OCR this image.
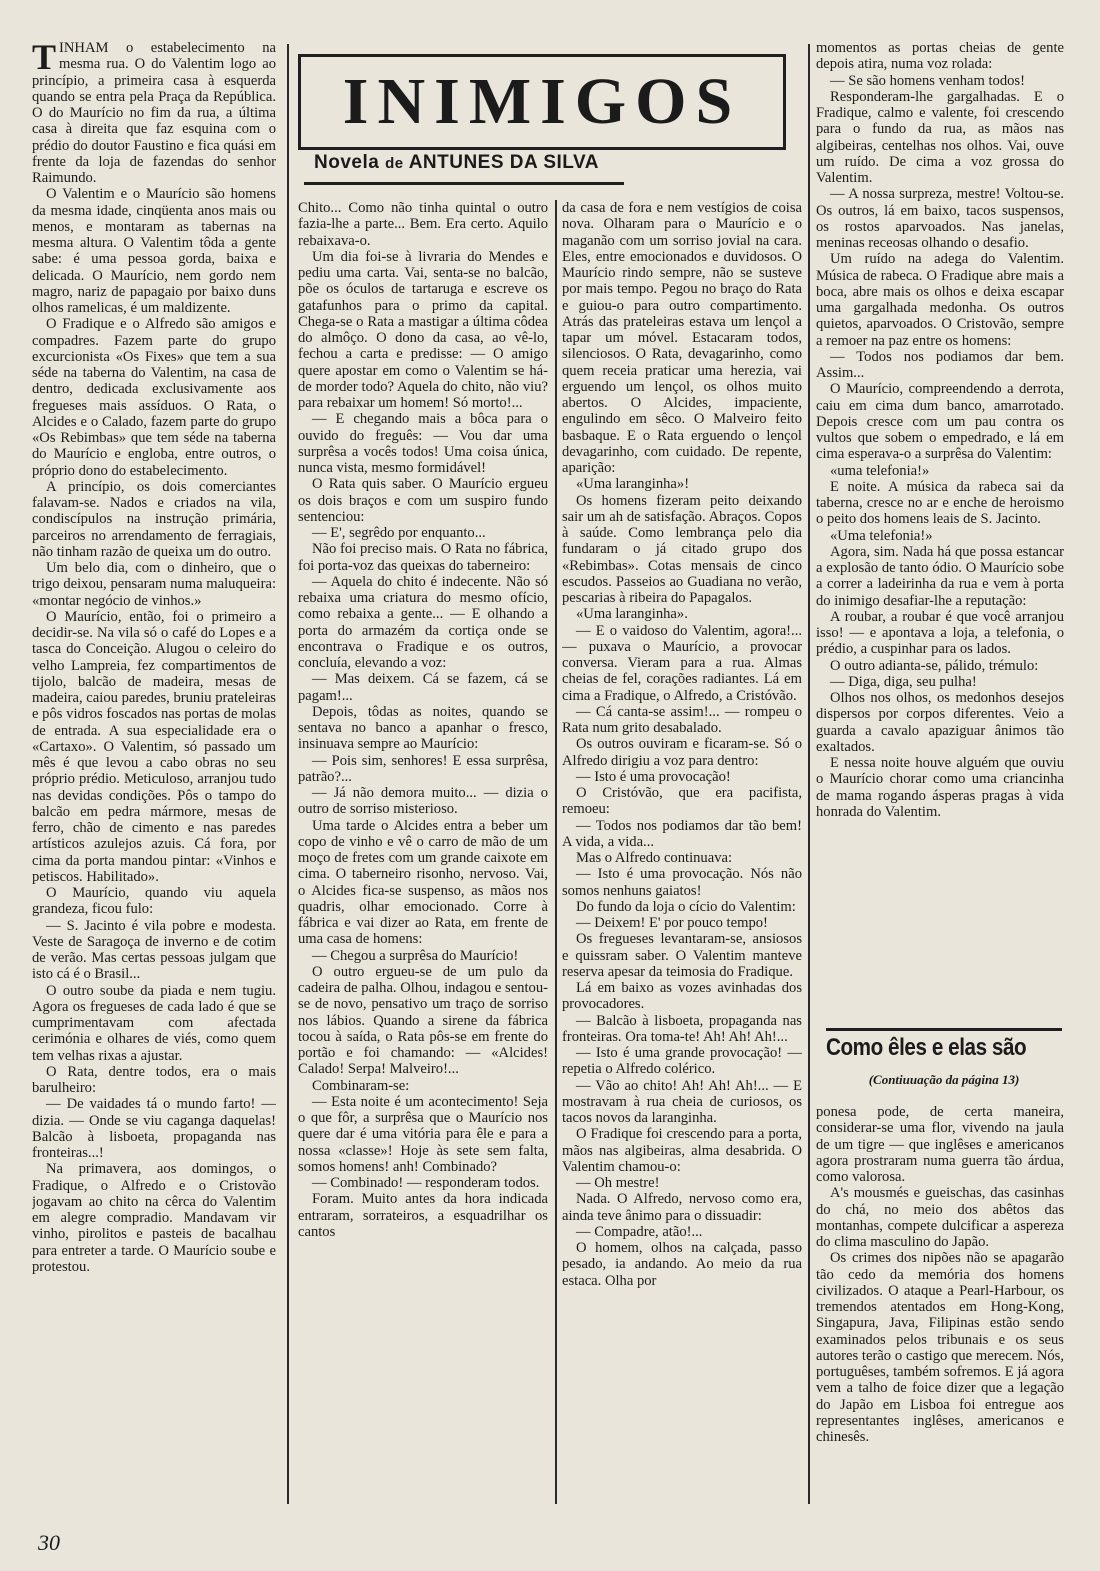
INIMIGOS
Novela de ANTUNES DA SILVA

TINHAM o estabelecimento na mesma rua. O do Valentim logo ao princípio, a primeira casa à esquerda quando se entra pela Praça da República. O do Maurício no fim da rua, a última casa à direita que faz esquina com o prédio do doutor Faustino e fica quási em frente da loja de fazendas do senhor Raimundo.

O Valentim e o Maurício são homens da mesma idade, cinqüenta anos mais ou menos, e montaram as tabernas na mesma altura. O Valentim tôda a gente sabe: é uma pessoa gorda, baixa e delicada. O Maurício, nem gordo nem magro, nariz de papagaio por baixo duns olhos ramelicas, é um maldizente.

O Fradique e o Alfredo são amigos e compadres. Fazem parte do grupo excurcionista «Os Fixes» que tem a sua séde na taberna do Valentim, na casa de dentro, dedicada exclusivamente aos fregueses mais assíduos. O Rata, o Alcides e o Calado, fazem parte do grupo «Os Rebimbas» que tem séde na taberna do Maurício e engloba, entre outros, o próprio dono do estabelecimento.

A princípio, os dois comerciantes falavam-se. Nados e criados na vila, condiscípulos na instrução primária, parceiros no arrendamento de ferragiais, não tinham razão de queixa um do outro.

Um belo dia, com o dinheiro, que o trigo deixou, pensaram numa maluqueira: «montar negócio de vinhos.»

O Maurício, então, foi o primeiro a decidir-se. Na vila só o café do Lopes e a tasca do Conceição. Alugou o celeiro do velho Lampreia, fez compartimentos de tijolo, balcão de madeira, mesas de madeira, caiou paredes, bruniu prateleiras e pôs vidros foscados nas portas de molas de entrada. A sua especialidade era o «Cartaxo». O Valentim, só passado um mês é que levou a cabo obras no seu próprio prédio. Meticuloso, arranjou tudo nas devidas condições. Pôs o tampo do balcão em pedra mármore, mesas de ferro, chão de cimento e nas paredes artísticos azulejos azuis. Cá fora, por cima da porta mandou pintar: «Vinhos e petiscos. Habilitado».

O Maurício, quando viu aquela grandeza, ficou fulo:

— S. Jacinto é vila pobre e modesta. Veste de Saragoça de inverno e de cotim de verão. Mas certas pessoas julgam que isto cá é o Brasil...

O outro soube da piada e nem tugiu. Agora os fregueses de cada lado é que se cumprimentavam com afectada cerimónia e olhares de viés, como quem tem velhas rixas a ajustar.

O Rata, dentre todos, era o mais barulheiro:

— De vaidades tá o mundo farto! — dizia. — Onde se viu caganga daquelas! Balcão à lisboeta, propaganda nas fronteiras...!

Na primavera, aos domingos, o Fradique, o Alfredo e o Cristovão jogavam ao chito na cêrca do Valentim em alegre compradio. Mandavam vir vinho, pirolitos e pasteis de bacalhau para entreter a tarde. O Maurício soube e protestou.

Chito... Como não tinha quintal o outro fazia-lhe a parte... Bem. Era certo. Aquilo rebaixava-o.

Um dia foi-se à livraria do Mendes e pediu uma carta. Vai, senta-se no balcão, põe os óculos de tartaruga e escreve os gatafunhos para o primo da capital. Chega-se o Rata a mastigar a última côdea do almôço. O dono da casa, ao vê-lo, fechou a carta e predisse: — O amigo quere apostar em como o Valentim se há-de morder todo? Aquela do chito, não viu? para rebaixar um homem! Só morto!...

— E chegando mais a bôca para o ouvido do freguês: — Vou dar uma surprêsa a vocês todos! Uma coisa única, nunca vista, mesmo formidável!

O Rata quis saber. O Maurício ergueu os dois braços e com um suspiro fundo sentenciou:

— E', segrêdo por enquanto...

Não foi preciso mais. O Rata no fábrica, foi porta-voz das queixas do taberneiro:

— Aquela do chito é indecente. Não só rebaixa uma criatura do mesmo ofício, como rebaixa a gente... — E olhando a porta do armazém da cortiça onde se encontrava o Fradique e os outros, concluía, elevando a voz:

— Mas deixem. Cá se fazem, cá se pagam!...

Depois, tôdas as noites, quando se sentava no banco a apanhar o fresco, insinuava sempre ao Maurício:

— Pois sim, senhores! E essa surprêsa, patrão?...

— Já não demora muito... — dizia o outro de sorriso misterioso.

Uma tarde o Alcides entra a beber um copo de vinho e vê o carro de mão de um moço de fretes com um grande caixote em cima. O taberneiro risonho, nervoso. Vai, o Alcides fica-se suspenso, as mãos nos quadris, olhar emocionado. Corre à fábrica e vai dizer ao Rata, em frente de uma casa de homens:

— Chegou a surprêsa do Maurício!

O outro ergueu-se de um pulo da cadeira de palha. Olhou, indagou e sentou-se de novo, pensativo um traço de sorriso nos lábios. Quando a sirene da fábrica tocou à saída, o Rata pôs-se em frente do portão e foi chamando: — «Alcides! Calado! Serpa! Malveiro!...

Combinaram-se:

— Esta noite é um acontecimento! Seja o que fôr, a surprêsa que o Maurício nos quere dar é uma vitória para êle e para a nossa «classe»! Hoje às sete sem falta, somos homens! anh! Combinado?

— Combinado! — responderam todos.

Foram. Muito antes da hora indicada entraram, sorrateiros, a esquadrilhar os cantos

da casa de fora e nem vestígios de coisa nova. Olharam para o Maurício e o maganão com um sorriso jovial na cara. Eles, entre emocionados e duvidosos. O Maurício rindo sempre, não se susteve por mais tempo. Pegou no braço do Rata e guiou-o para outro compartimento. Atrás das prateleiras estava um lençol a tapar um móvel. Estacaram todos, silenciosos. O Rata, devagarinho, como quem receia praticar uma herezia, vai erguendo um lençol, os olhos muito abertos. O Alcides, impaciente, engulindo em sêco. O Malveiro feito basbaque. E o Rata erguendo o lençol devagarinho, com cuidado. De repente, aparição:

«Uma laranginha»!

Os homens fizeram peito deixando sair um ah de satisfação. Abraços. Copos à saúde. Como lembrança pelo dia fundaram o já citado grupo dos «Rebimbas». Cotas mensais de cinco escudos. Passeios ao Guadiana no verão, pescarias à ribeira do Papagalos.

«Uma laranginha».

— E o vaidoso do Valentim, agora!... — puxava o Maurício, a provocar conversa. Vieram para a rua. Almas cheias de fel, corações radiantes. Lá em cima a Fradique, o Alfredo, a Cristóvão.

— Cá canta-se assim!... — rompeu o Rata num grito desabalado.

Os outros ouviram e ficaram-se. Só o Alfredo dirigiu a voz para dentro:

— Isto é uma provocação!

O Cristóvão, que era pacifista, remoeu:

— Todos nos podiamos dar tão bem! A vida, a vida...

Mas o Alfredo continuava:

— Isto é uma provocação. Nós não somos nenhuns gaiatos!

Do fundo da loja o cício do Valentim:

— Deixem! E' por pouco tempo!

Os fregueses levantaram-se, ansiosos e quissram saber. O Valentim manteve reserva apesar da teimosia do Fradique.

Lá em baixo as vozes avinhadas dos provocadores.

— Balcão à lisboeta, propaganda nas fronteiras. Ora toma-te! Ah! Ah! Ah!...

— Isto é uma grande provocação! — repetia o Alfredo colérico.

— Vão ao chito! Ah! Ah! Ah!... — E mostravam à rua cheia de curiosos, os tacos novos da laranginha.

O Fradique foi crescendo para a porta, mãos nas algibeiras, alma desabrida. O Valentim chamou-o:

— Oh mestre!

Nada. O Alfredo, nervoso como era, ainda teve ânimo para o dissuadir:

— Compadre, atão!...

O homem, olhos na calçada, passo pesado, ia andando. Ao meio da rua estaca. Olha por

momentos as portas cheias de gente depois atira, numa voz rolada:

— Se são homens venham todos!

Responderam-lhe gargalhadas. E o Fradique, calmo e valente, foi crescendo para o fundo da rua, as mãos nas algibeiras, centelhas nos olhos. Vai, ouve um ruído. De cima a voz grossa do Valentim.

— A nossa surpreza, mestre! Voltou-se. Os outros, lá em baixo, tacos suspensos, os rostos aparvoados. Nas janelas, meninas receosas olhando o desafio.

Um ruído na adega do Valentim. Música de rabeca. O Fradique abre mais a boca, abre mais os olhos e deixa escapar uma gargalhada medonha. Os outros quietos, aparvoados. O Cristovão, sempre a remoer na paz entre os homens:

— Todos nos podiamos dar bem. Assim...

O Maurício, compreendendo a derrota, caiu em cima dum banco, amarrotado. Depois cresce com um pau contra os vultos que sobem o empedrado, e lá em cima esperava-o a surprêsa do Valentim:

«uma telefonia!»

E noite. A música da rabeca sai da taberna, cresce no ar e enche de heroismo o peito dos homens leais de S. Jacinto.

«Uma telefonia!»

Agora, sim. Nada há que possa estancar a explosão de tanto ódio. O Maurício sobe a correr a ladeirinha da rua e vem à porta do inimigo desafiar-lhe a reputação:

A roubar, a roubar é que você arranjou isso! — e apontava a loja, a telefonia, o prédio, a cuspinhar para os lados.

O outro adianta-se, pálido, trémulo:

— Diga, diga, seu pulha!

Olhos nos olhos, os medonhos desejos dispersos por corpos diferentes. Veio a guarda a cavalo apaziguar ânimos tão exaltados.

E nessa noite houve alguém que ouviu o Maurício chorar como uma criancinha de mama rogando ásperas pragas à vida honrada do Valentim.

Como êles e elas são
(Contiuuação da página 13)

ponesa pode, de certa maneira, considerar-se uma flor, vivendo na jaula de um tigre — que inglêses e americanos agora prostraram numa guerra tão árdua, como valorosa.

A's mousmés e gueischas, das casinhas do chá, no meio dos abêtos das montanhas, compete dulcificar a aspereza do clima masculino do Japão.

Os crimes dos nipões não se apagarão tão cedo da memória dos homens civilizados. O ataque a Pearl-Harbour, os tremendos atentados em Hong-Kong, Singapura, Java, Filipinas estão sendo examinados pelos tribunais e os seus autores terão o castigo que merecem. Nós, portuguêses, também sofremos. E já agora vem a talho de foice dizer que a legação do Japão em Lisboa foi entregue aos representantes inglêses, americanos e chinesês.

30
